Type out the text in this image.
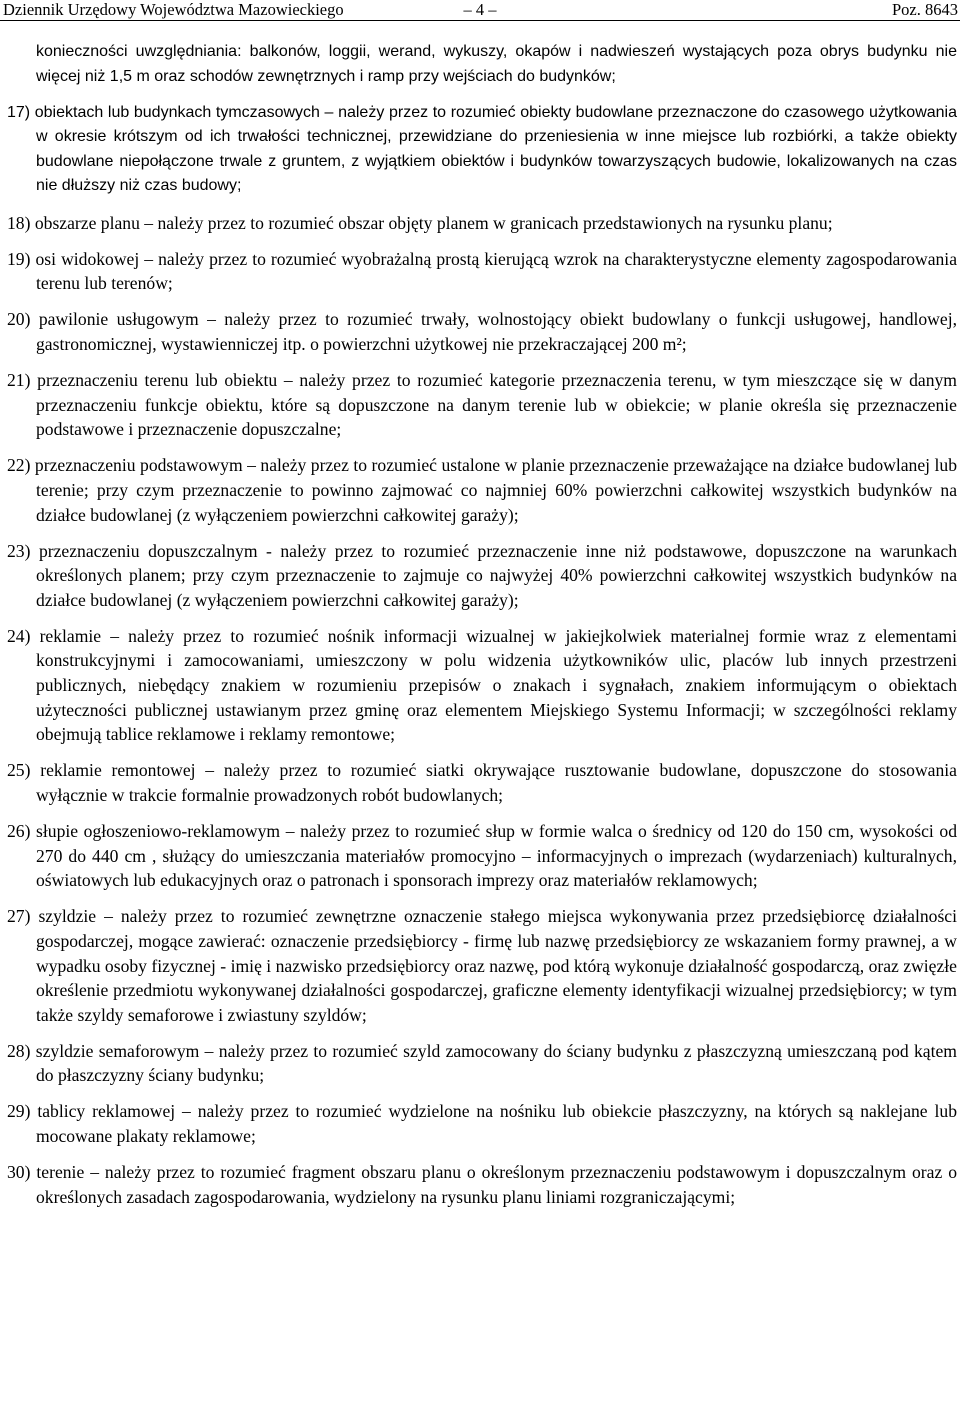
Dziennik Urzędowy Województwa Mazowieckiego	– 4 –	Poz. 8643
konieczności uwzględniania: balkonów, loggii, werand, wykuszy, okapów i nadwieszeń wystających poza obrys budynku nie więcej niż 1,5 m oraz schodów zewnętrznych i ramp przy wejściach do budynków;
17) obiektach lub budynkach tymczasowych – należy przez to rozumieć obiekty budowlane przeznaczone do czasowego użytkowania w okresie krótszym od ich trwałości technicznej, przewidziane do przeniesienia w inne miejsce lub rozbiórki, a także obiekty budowlane niepołączone trwale z gruntem, z wyjątkiem obiektów i budynków towarzyszących budowie, lokalizowanych na czas nie dłuższy niż czas budowy;
18) obszarze planu – należy przez to rozumieć obszar objęty planem w granicach przedstawionych na rysunku planu;
19) osi widokowej – należy przez to rozumieć wyobrażalną prostą kierującą wzrok na charakterystyczne elementy zagospodarowania terenu lub terenów;
20) pawilonie usługowym – należy przez to rozumieć trwały, wolnostojący obiekt budowlany o funkcji usługowej, handlowej, gastronomicznej, wystawienniczej itp. o powierzchni użytkowej nie przekraczającej 200 m²;
21) przeznaczeniu terenu lub obiektu – należy przez to rozumieć kategorie przeznaczenia terenu, w tym mieszczące się w danym przeznaczeniu funkcje obiektu, które są dopuszczone na danym terenie lub w obiekcie; w planie określa się przeznaczenie podstawowe i przeznaczenie dopuszczalne;
22) przeznaczeniu podstawowym – należy przez to rozumieć ustalone w planie przeznaczenie przeważające na działce budowlanej lub terenie; przy czym przeznaczenie to powinno zajmować co najmniej 60% powierzchni całkowitej wszystkich budynków na działce budowlanej (z wyłączeniem powierzchni całkowitej garaży);
23) przeznaczeniu dopuszczalnym - należy przez to rozumieć przeznaczenie inne niż podstawowe, dopuszczone na warunkach określonych planem; przy czym przeznaczenie to zajmuje co najwyżej 40% powierzchni całkowitej wszystkich budynków na działce budowlanej (z wyłączeniem powierzchni całkowitej garaży);
24) reklamie – należy przez to rozumieć nośnik informacji wizualnej w jakiejkolwiek materialnej formie wraz z elementami konstrukcyjnymi i zamocowaniami, umieszczony w polu widzenia użytkowników ulic, placów lub innych przestrzeni publicznych, niebędący znakiem w rozumieniu przepisów o znakach i sygnałach, znakiem informującym o obiektach użyteczności publicznej ustawianym przez gminę oraz elementem Miejskiego Systemu Informacji; w szczególności reklamy obejmują tablice reklamowe i reklamy remontowe;
25) reklamie remontowej – należy przez to rozumieć siatki okrywające rusztowanie budowlane, dopuszczone do stosowania wyłącznie w trakcie formalnie prowadzonych robót budowlanych;
26) słupie ogłoszeniowo-reklamowym – należy przez to rozumieć słup w formie walca o średnicy od 120 do 150 cm, wysokości od 270 do 440 cm , służący do umieszczania materiałów promocyjno – informacyjnych o imprezach (wydarzeniach) kulturalnych, oświatowych lub edukacyjnych oraz o patronach i sponsorach imprezy oraz materiałów reklamowych;
27) szyldzie – należy przez to rozumieć zewnętrzne oznaczenie stałego miejsca wykonywania przez przedsiębiorcę działalności gospodarczej, mogące zawierać: oznaczenie przedsiębiorcy - firmę lub nazwę przedsiębiorcy ze wskazaniem formy prawnej, a w wypadku osoby fizycznej - imię i nazwisko przedsiębiorcy oraz nazwę, pod którą wykonuje działalność gospodarczą, oraz zwięzłe określenie przedmiotu wykonywanej działalności gospodarczej, graficzne elementy identyfikacji wizualnej przedsiębiorcy; w tym także szyldy semaforowe i zwiastuny szyldów;
28) szyldzie semaforowym – należy przez to rozumieć szyld zamocowany do ściany budynku z płaszczyzną umieszczaną pod kątem do płaszczyzny ściany budynku;
29) tablicy reklamowej – należy przez to rozumieć wydzielone na nośniku lub obiekcie płaszczyzny, na których są naklejane lub mocowane plakaty reklamowe;
30) terenie – należy przez to rozumieć fragment obszaru planu o określonym przeznaczeniu podstawowym i dopuszczalnym oraz o określonych zasadach zagospodarowania, wydzielony na rysunku planu liniami rozgraniczającymi;
